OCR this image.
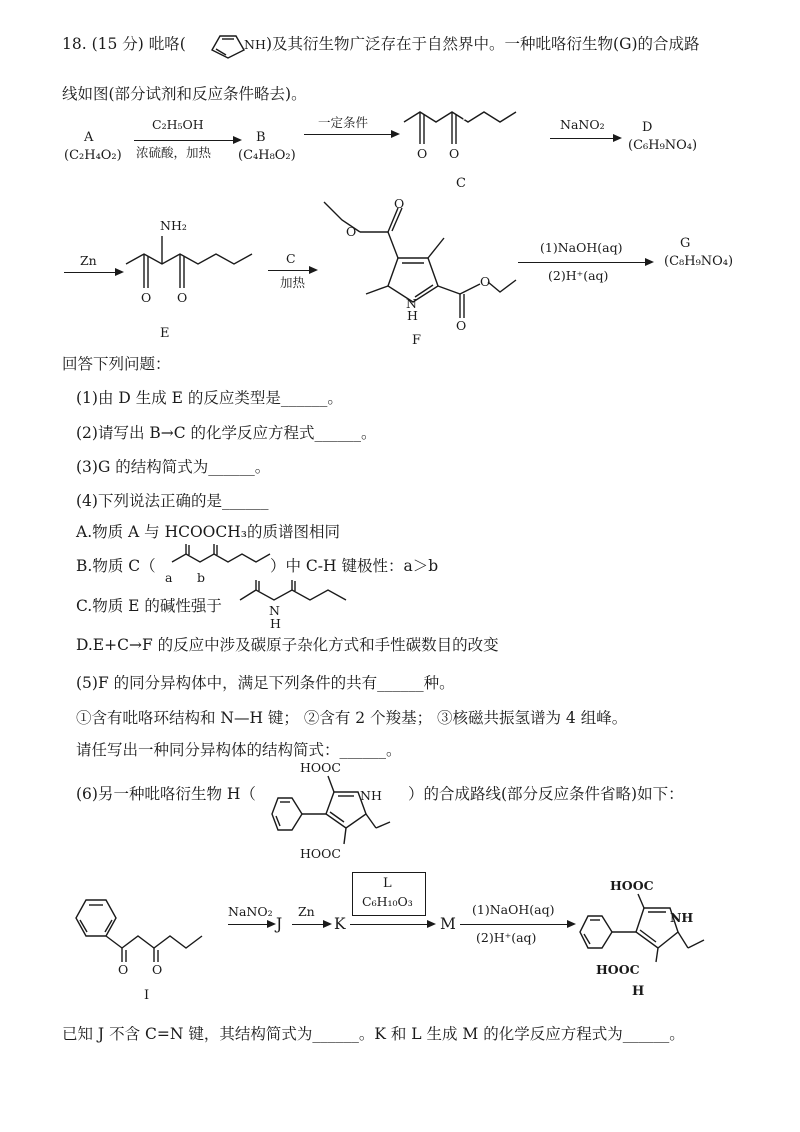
18. (15 分) 吡咯(	NH )及其衍生物广泛存在于自然界中。一种吡咯衍生物(G)的合成路
线如图(部分试剂和反应条件略去)。
A
(C₂H₄O₂)
C₂H₅OH
浓硫酸，加热
B
(C₄H₈O₂)
一定条件
O O
.
C
NaNO₂	D
(C₆H₉NO₄)
Zn
NH₂
O O
E
C
加热
O
O
O
O
N
H
F
(1)NaOH(aq)
(2)H⁺(aq)
G
(C₈H₉NO₄)
回答下列问题：
(1)由 D 生成 E 的反应类型是______。
(2)请写出 B→C 的化学反应方程式______。
(3)G 的结构简式为______。
(4)下列说法正确的是______
A.物质 A 与 HCOOCH₃的质谱图相同
B.物质 C（
a b
）中 C-H 键极性：a＞b
C.物质 E 的碱性强于	N
H
D.E+C→F 的反应中涉及碳原子杂化方式和手性碳数目的改变
(5)F 的同分异构体中，满足下列条件的共有______种。
①含有吡咯环结构和 N—H 键； ②含有 2 个羧基； ③核磁共振氢谱为 4 组峰。
请任写出一种同分异构体的结构简式：______。
(6)另一种吡咯衍生物 H（
HOOC
NH
HOOC
）的合成路线(部分反应条件省略)如下：
O O
I
NaNO₂
J
Zn
K
L
C₆H₁₀O₃
M
(1)NaOH(aq)
(2)H⁺(aq)
HOOC
NH
HOOC
H
已知 J 不含 C=N 键，其结构简式为______。K 和 L 生成 M 的化学反应方程式为______。
